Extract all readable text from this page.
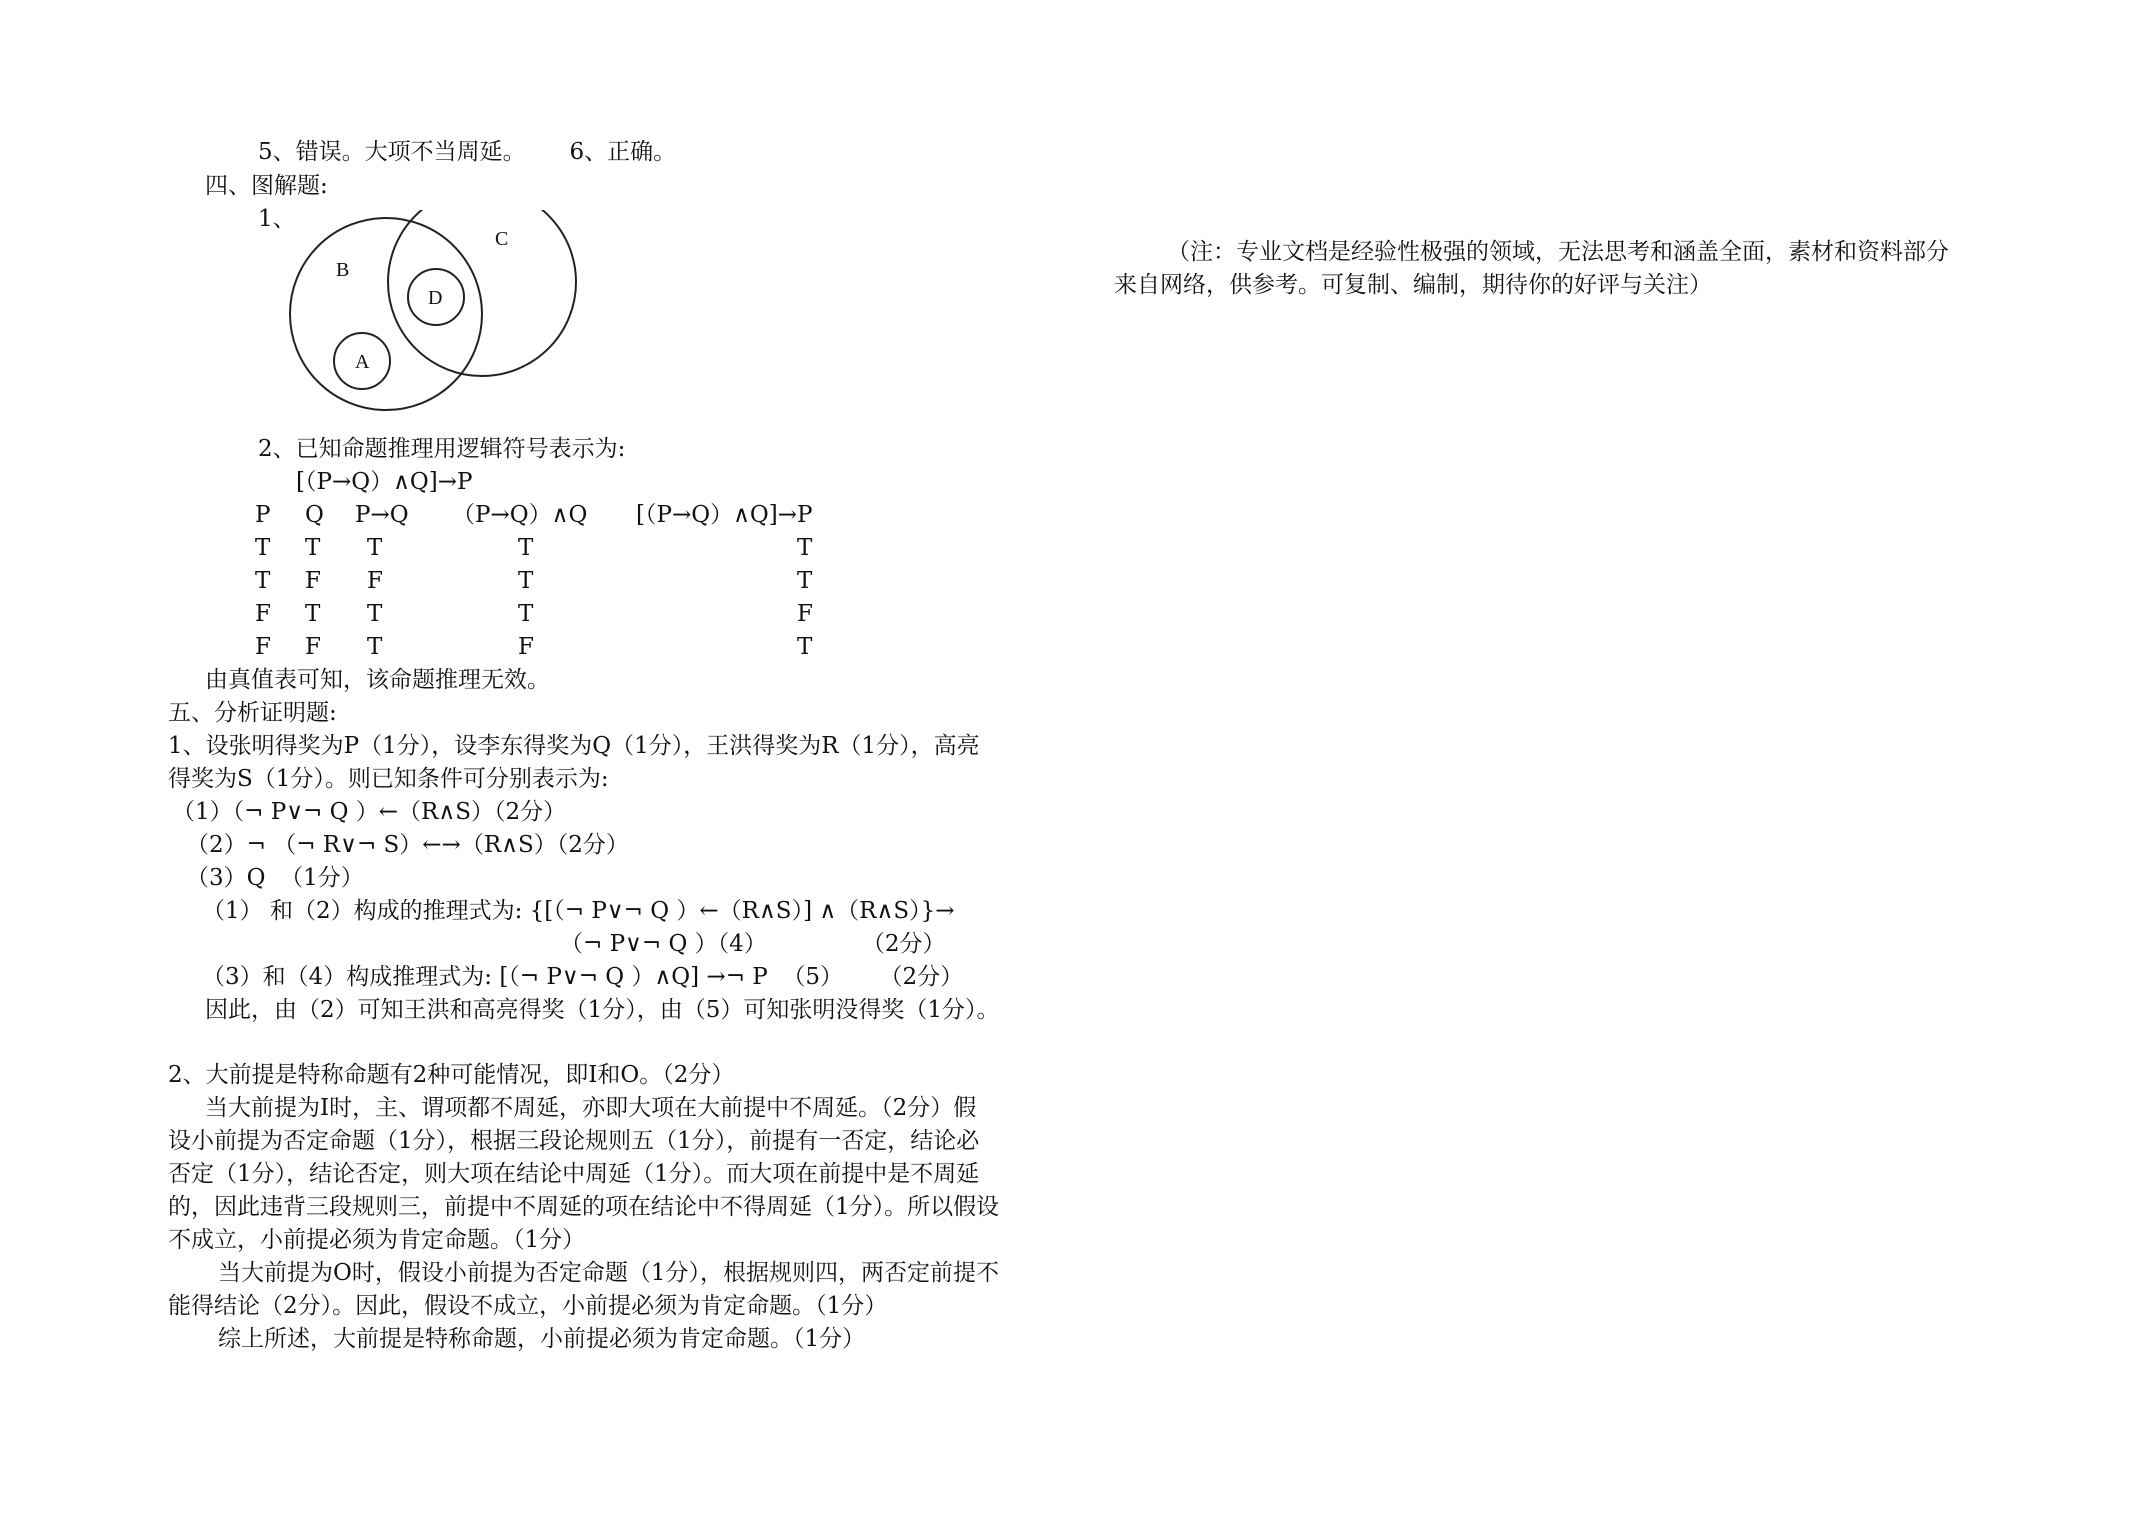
5、错误。大项不当周延。      6、正确。
四、图解题:
1、
B
C
D
A
2、已知命题推理用逻辑符号表示为:
[（P→Q）∧Q]→P
P Q P→Q （P→Q）∧Q [（P→Q）∧Q]→P
T T T	T	T
T F F	T	T
F T T	T	F
F F T	F	T
由真值表可知，该命题推理无效。
五、分析证明题:
1、设张明得奖为P（1分），设李东得奖为Q（1分），王洪得奖为R（1分），高亮
得奖为S（1分）。则已知条件可分别表示为:
（1）（¬ P∨¬ Q ）←（R∧S）（2分）
（2）¬ （¬ R∨¬ S）←→（R∧S）（2分）
（3）Q  （1分）
（1） 和（2）构成的推理式为: {[（¬ P∨¬ Q ）←（R∧S）] ∧（R∧S）}→
（¬ P∨¬ Q ）（4）             （2分）
（3）和（4）构成推理式为: [（¬ P∨¬ Q ）∧Q] →¬ P  （5）     （2分）
因此，由（2）可知王洪和高亮得奖（1分），由（5）可知张明没得奖（1分）。
2、大前提是特称命题有2种可能情况，即I和O。（2分）
当大前提为I时，主、谓项都不周延，亦即大项在大前提中不周延。（2分）假
设小前提为否定命题（1分），根据三段论规则五（1分），前提有一否定，结论必
否定（1分），结论否定，则大项在结论中周延（1分）。而大项在前提中是不周延
的，因此违背三段规则三，前提中不周延的项在结论中不得周延（1分）。所以假设
不成立，小前提必须为肯定命题。（1分）
当大前提为O时，假设小前提为否定命题（1分），根据规则四，两否定前提不
能得结论（2分）。因此，假设不成立，小前提必须为肯定命题。（1分）
综上所述，大前提是特称命题，小前提必须为肯定命题。（1分）
（注：专业文档是经验性极强的领域，无法思考和涵盖全面，素材和资料部分
来自网络，供参考。可复制、编制，期待你的好评与关注）
